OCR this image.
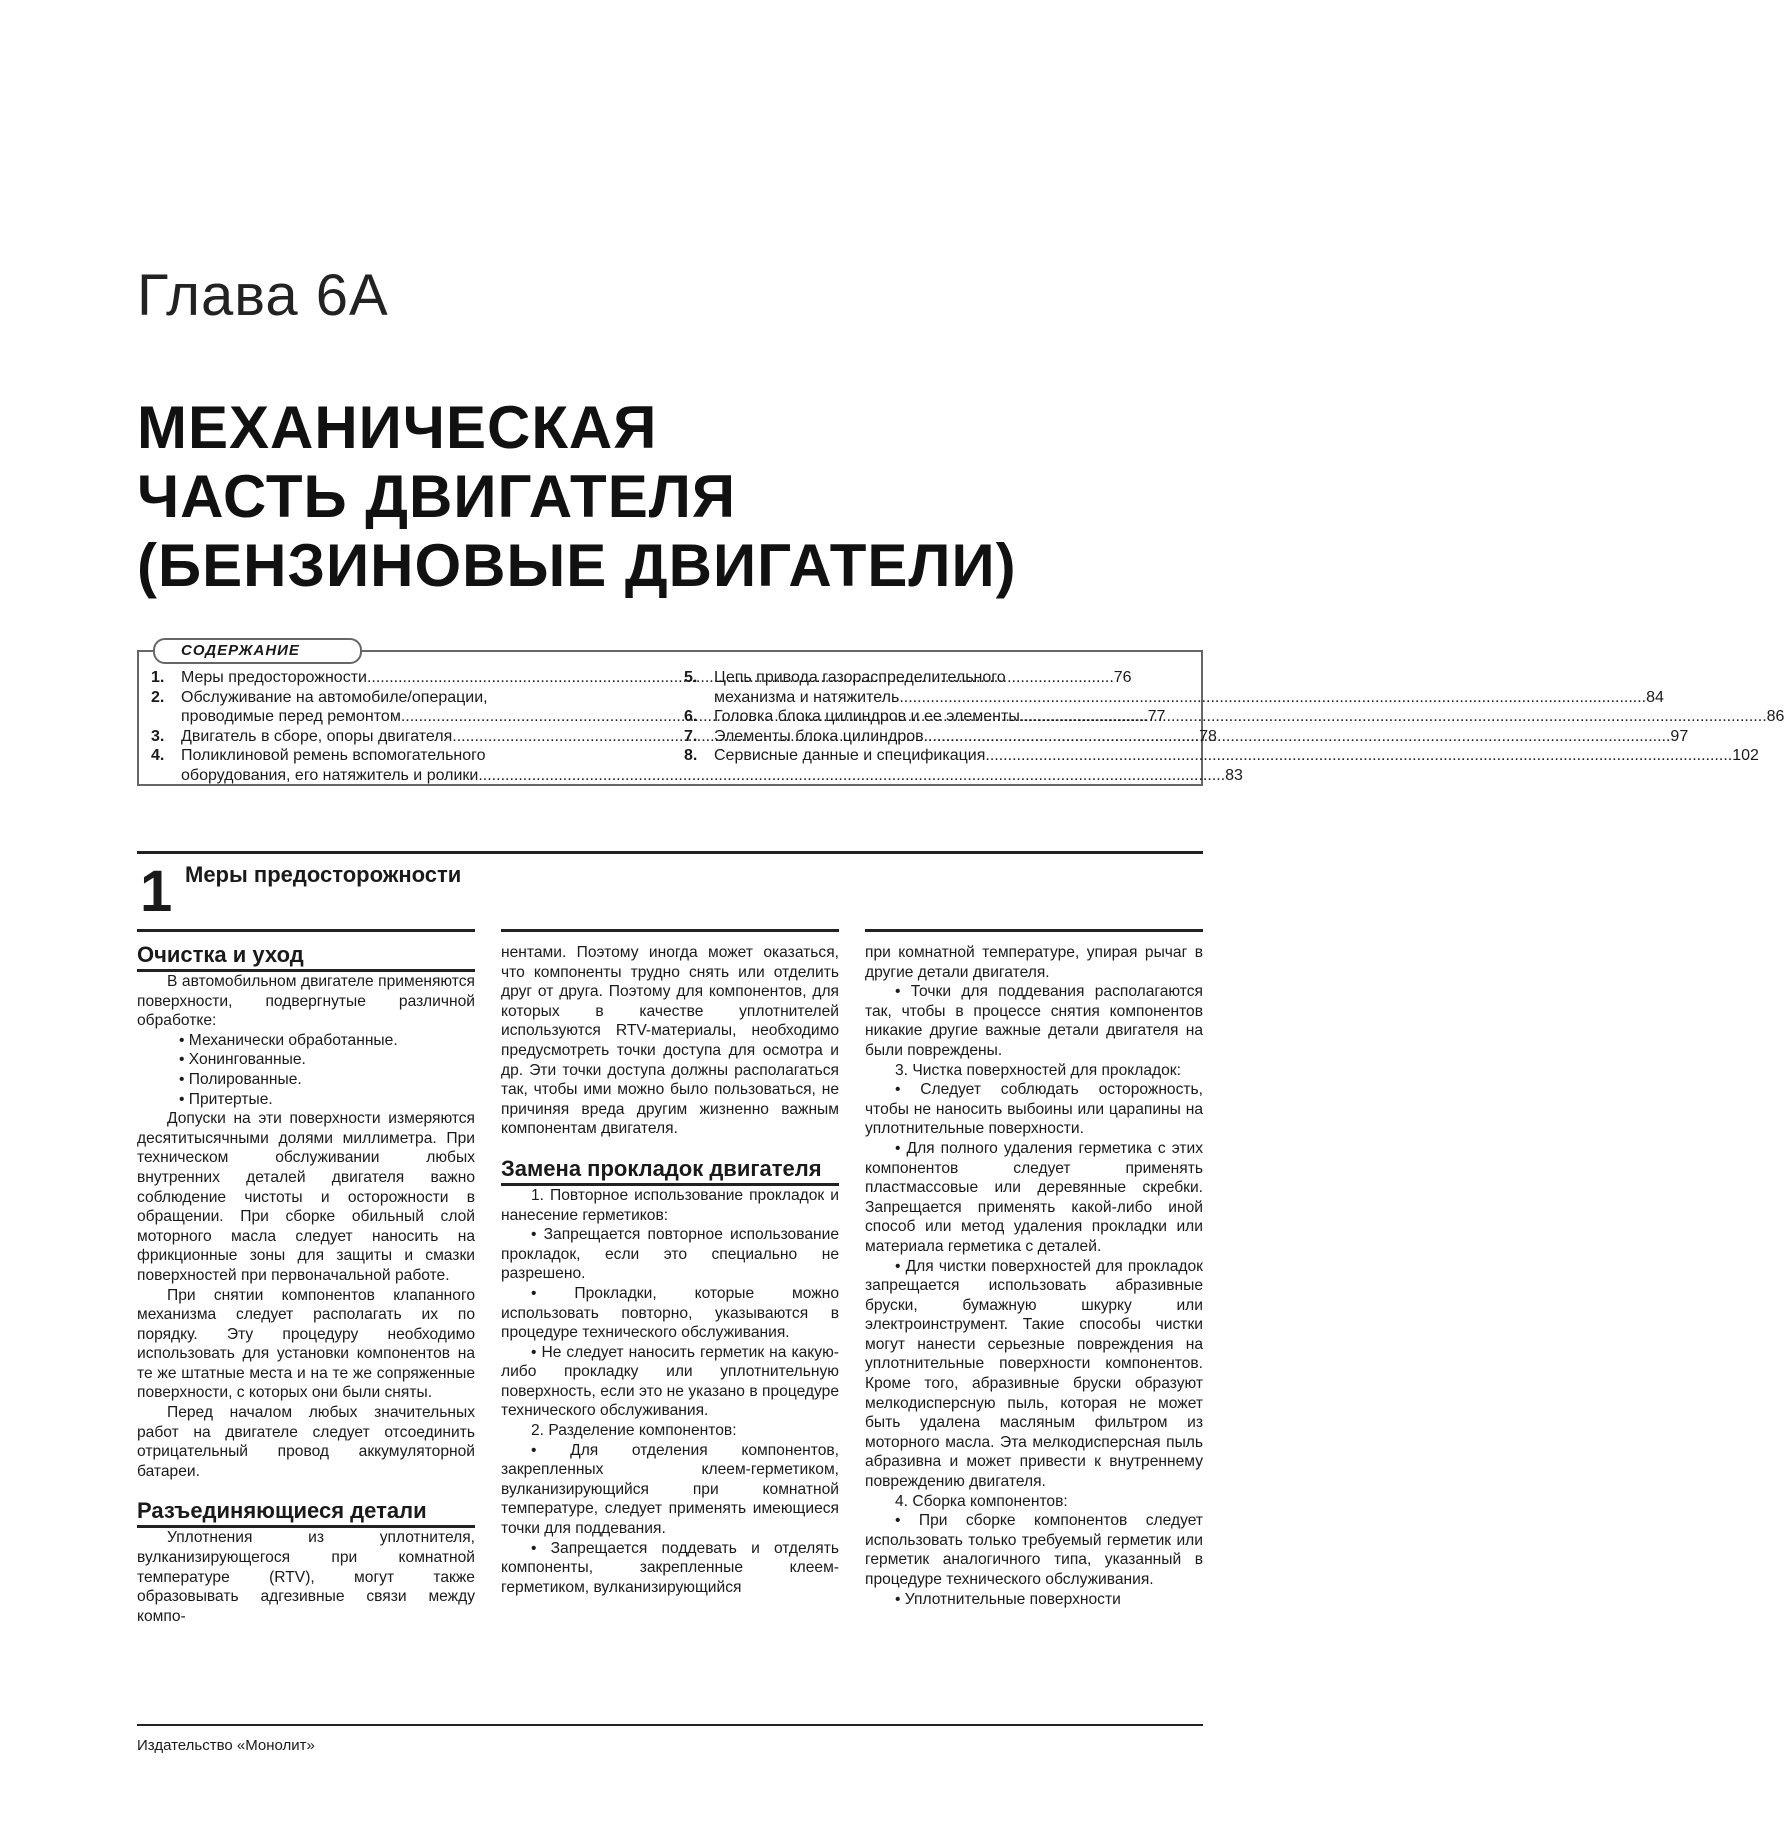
Глава 6А
МЕХАНИЧЕСКАЯ
ЧАСТЬ ДВИГАТЕЛЯ
(БЕНЗИНОВЫЕ ДВИГАТЕЛИ)
СОДЕРЖАНИЕ
1.	Меры предосторожности .....	76
2.	Обслуживание на автомобиле/операции,
проводимые перед ремонтом .....	77
3.	Двигатель в сборе, опоры двигателя .....	78
4.	Поликлиновой ремень вспомогательного
оборудования, его натяжитель и ролики .....	83
5.	Цепь привода газораспределительного
механизма и натяжитель .....	84
6.	Головка блока цилиндров и ее элементы .....	86
7.	Элементы блока цилиндров .....	97
8.	Сервисные данные и спецификация .....	102
1 Меры предосторожности
Очистка и уход

В автомобильном двигателе применяются поверхности, подвергнутые различной обработке:

• Механически обработанные.

• Хонингованные.

• Полированные.

• Притертые.

Допуски на эти поверхности измеряются десятитысячными долями миллиметра. При техническом обслуживании любых внутренних деталей двигателя важно соблюдение чистоты и осторожности в обращении. При сборке обильный слой моторного масла следует наносить на фрикционные зоны для защиты и смазки поверхностей при первоначальной работе.

При снятии компонентов клапанного механизма следует располагать их по порядку. Эту процедуру необходимо использовать для установки компонентов на те же штатные места и на те же сопряженные поверхности, с которых они были сняты.

Перед началом любых значительных работ на двигателе следует отсоединить отрицательный провод аккумуляторной батареи.

Разъединяющиеся детали

Уплотнения из уплотнителя, вулканизирующегося при комнатной температуре (RTV), могут также образовывать адгезивные связи между компо-

нентами. Поэтому иногда может оказаться, что компоненты трудно снять или отделить друг от друга. Поэтому для компонентов, для которых в качестве уплотнителей используются RTV-материалы, необходимо предусмотреть точки доступа для осмотра и др. Эти точки доступа должны располагаться так, чтобы ими можно было пользоваться, не причиняя вреда другим жизненно важным компонентам двигателя.

Замена прокладок двигателя

1. Повторное использование прокладок и нанесение герметиков:

• Запрещается повторное использование прокладок, если это специально не разрешено.

• Прокладки, которые можно использовать повторно, указываются в процедуре технического обслуживания.

• Не следует наносить герметик на какую-либо прокладку или уплотнительную поверхность, если это не указано в процедуре технического обслуживания.

2. Разделение компонентов:

• Для отделения компонентов, закрепленных клеем-герметиком, вулканизирующийся при комнатной температуре, следует применять имеющиеся точки для поддевания.

• Запрещается поддевать и отделять компоненты, закрепленные клеем-герметиком, вулканизирующийся

при комнатной температуре, упирая рычаг в другие детали двигателя.

• Точки для поддевания располагаются так, чтобы в процессе снятия компонентов никакие другие важные детали двигателя на были повреждены.

3. Чистка поверхностей для прокладок:

• Следует соблюдать осторожность, чтобы не наносить выбоины или царапины на уплотнительные поверхности.

• Для полного удаления герметика с этих компонентов следует применять пластмассовые или деревянные скребки. Запрещается применять какой-либо иной способ или метод удаления прокладки или материала герметика с деталей.

• Для чистки поверхностей для прокладок запрещается использовать абразивные бруски, бумажную шкурку или электроинструмент. Такие способы чистки могут нанести серьезные повреждения на уплотнительные поверхности компонентов. Кроме того, абразивные бруски образуют мелкодисперсную пыль, которая не может быть удалена масляным фильтром из моторного масла. Эта мелкодисперсная пыль абразивна и может привести к внутреннему повреждению двигателя.

4. Сборка компонентов:

• При сборке компонентов следует использовать только требуемый герметик или герметик аналогичного типа, указанный в процедуре технического обслуживания.

• Уплотнительные поверхности

Издательство «Монолит»
